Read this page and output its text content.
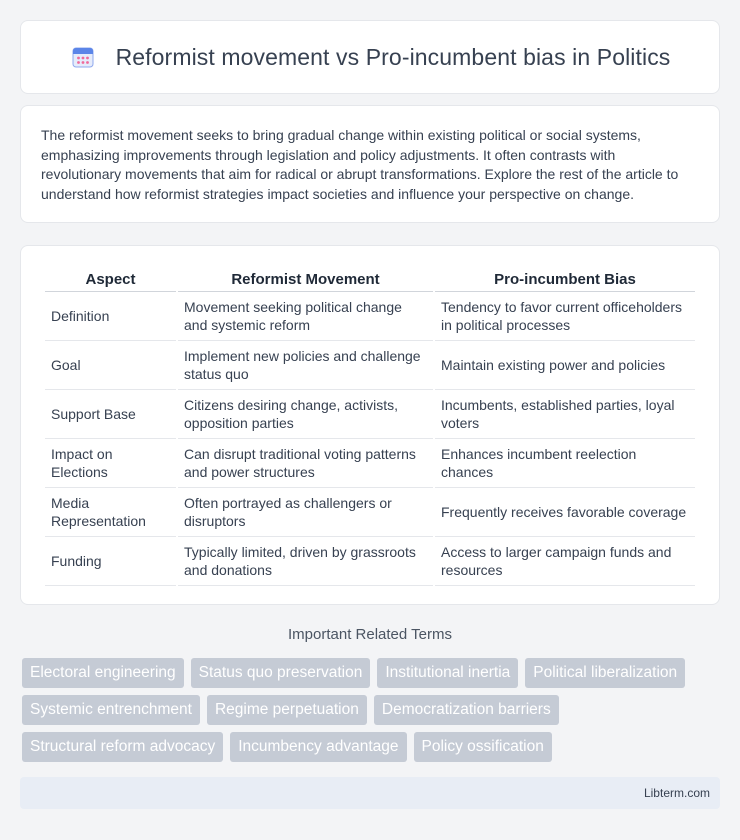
Reformist movement vs Pro-incumbent bias in Politics

The reformist movement seeks to bring gradual change within existing political or social systems, emphasizing improvements through legislation and policy adjustments. It often contrasts with revolutionary movements that aim for radical or abrupt transformations. Explore the rest of the article to understand how reformist strategies impact societies and influence your perspective on change.

Aspect	Reformist Movement	Pro-incumbent Bias
Definition	Movement seeking political change and systemic reform	Tendency to favor current officeholders in political processes
Goal	Implement new policies and challenge status quo	Maintain existing power and policies
Support Base	Citizens desiring change, activists, opposition parties	Incumbents, established parties, loyal voters
Impact on Elections	Can disrupt traditional voting patterns and power structures	Enhances incumbent reelection chances
Media Representation	Often portrayed as challengers or disruptors	Frequently receives favorable coverage
Funding	Typically limited, driven by grassroots and donations	Access to larger campaign funds and resources
Important Related Terms
Electoral engineering	Status quo preservation	Institutional inertia	Political liberalization
Systemic entrenchment	Regime perpetuation	Democratization barriers
Structural reform advocacy	Incumbency advantage	Policy ossification
Libterm.com
